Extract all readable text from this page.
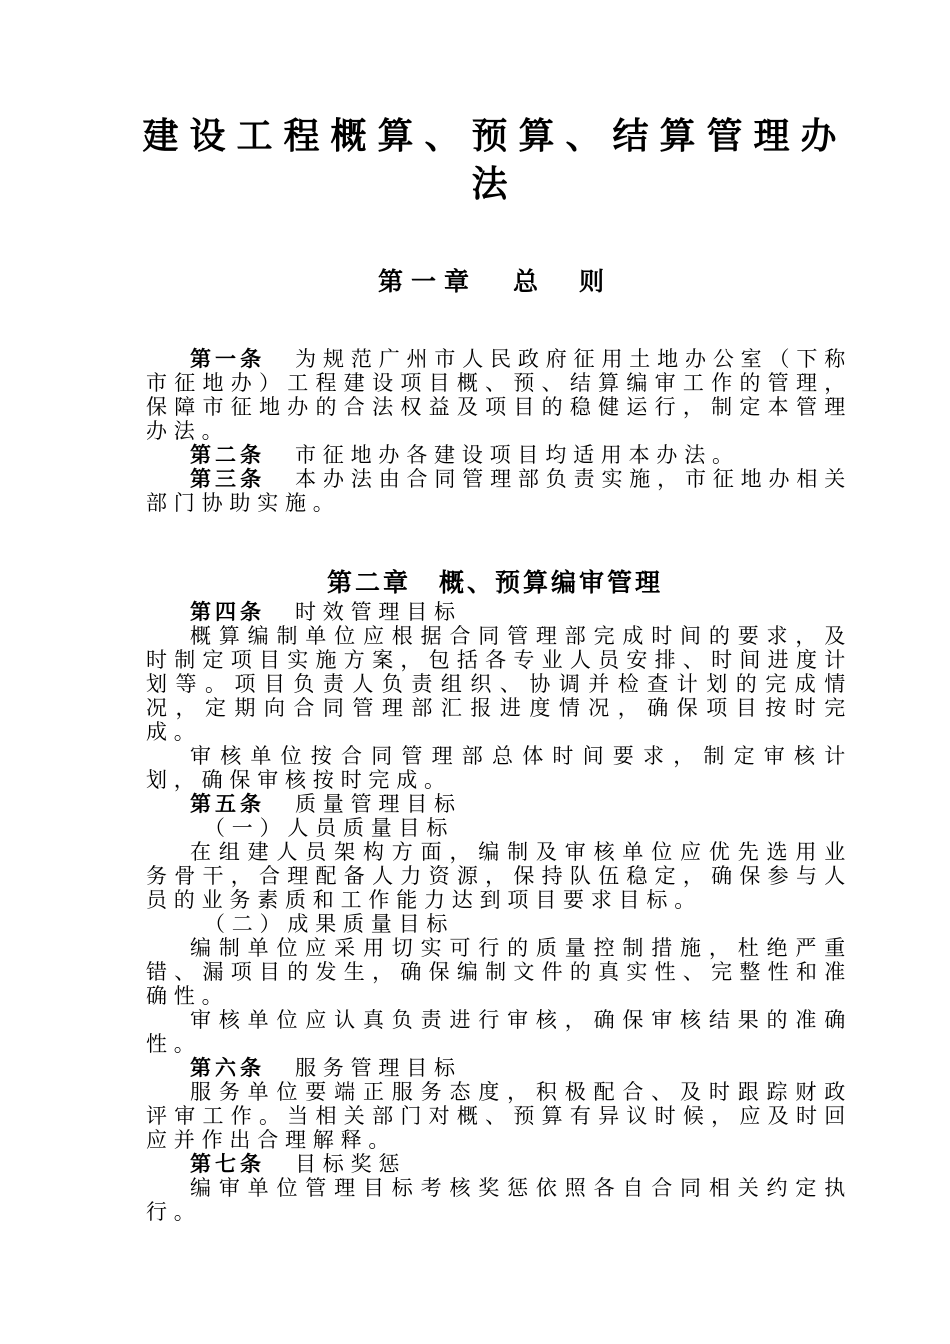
建设工程概算、预算、结算管理办法
第一章 总　则

第一条 为规范广州市人民政府征用土地办公室（下称市征地办）工程建设项目概、预、结算编审工作的管理，保障市征地办的合法权益及项目的稳健运行，制定本管理办法。

第二条 市征地办各建设项目均适用本办法。

第三条 本办法由合同管理部负责实施，市征地办相关部门协助实施。

第二章 概、预算编审管理

第四条 时效管理目标

概算编制单位应根据合同管理部完成时间的要求，及时制定项目实施方案，包括各专业人员安排、时间进度计划等。项目负责人负责组织、协调并检查计划的完成情况，定期向合同管理部汇报进度情况，确保项目按时完成。

审核单位按合同管理部总体时间要求，制定审核计划，确保审核按时完成。

第五条 质量管理目标

（一）人员质量目标

在组建人员架构方面，编制及审核单位应优先选用业务骨干，合理配备人力资源，保持队伍稳定，确保参与人员的业务素质和工作能力达到项目要求目标。

（二）成果质量目标

编制单位应采用切实可行的质量控制措施，杜绝严重错、漏项目的发生，确保编制文件的真实性、完整性和准确性。

审核单位应认真负责进行审核，确保审核结果的准确性。

第六条 服务管理目标

服务单位要端正服务态度，积极配合、及时跟踪财政评审工作。当相关部门对概、预算有异议时候，应及时回应并作出合理解释。

第七条 目标奖惩

编审单位管理目标考核奖惩依照各自合同相关约定执行。
